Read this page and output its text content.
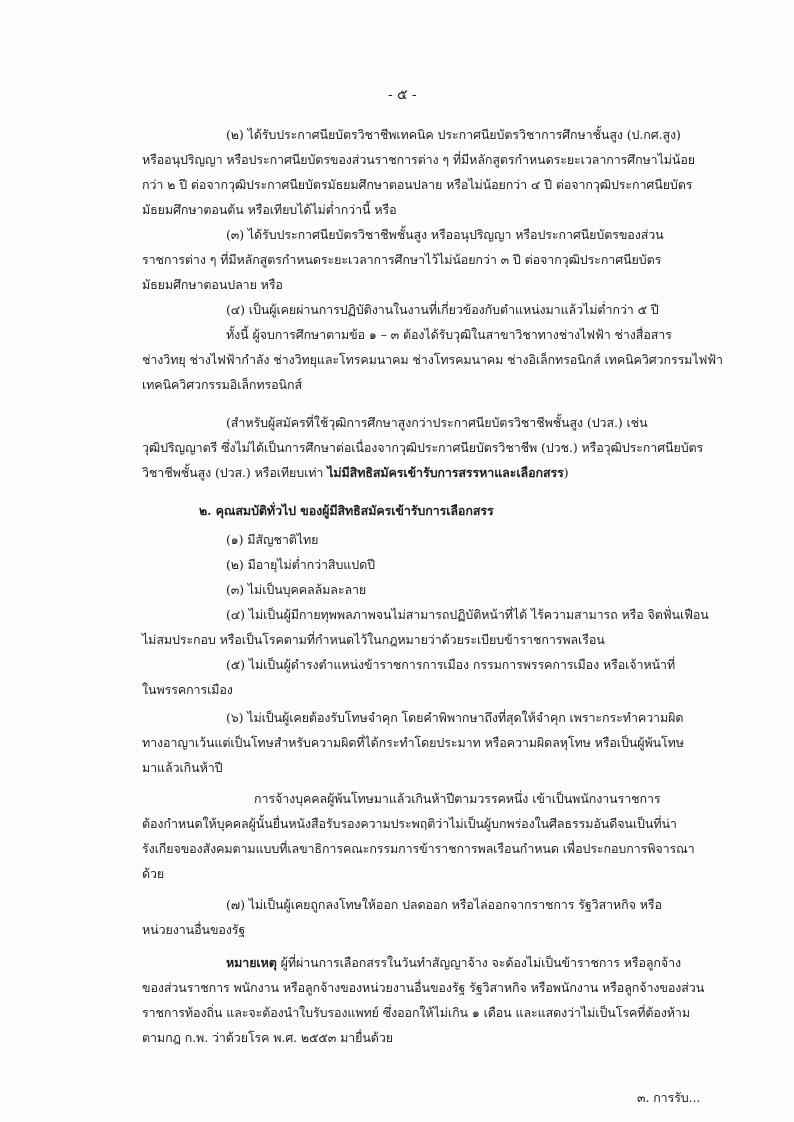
- ๕ -
(๒) ได้รับประกาศนียบัตรวิชาชีพเทคนิค ประกาศนียบัตรวิชาการศึกษาชั้นสูง (ป.กศ.สูง)
หรืออนุปริญญา หรือประกาศนียบัตรของส่วนราชการต่าง ๆ ที่มีหลักสูตรกำหนดระยะเวลาการศึกษาไม่น้อย
กว่า ๒ ปี ต่อจากวุฒิประกาศนียบัตรมัธยมศึกษาตอนปลาย หรือไม่น้อยกว่า ๔ ปี ต่อจากวุฒิประกาศนียบัตร
มัธยมศึกษาตอนต้น หรือเทียบได้ไม่ต่ำกว่านี้ หรือ
(๓) ได้รับประกาศนียบัตรวิชาชีพชั้นสูง หรืออนุปริญญา หรือประกาศนียบัตรของส่วน
ราชการต่าง ๆ ที่มีหลักสูตรกำหนดระยะเวลาการศึกษาไว้ไม่น้อยกว่า ๓ ปี ต่อจากวุฒิประกาศนียบัตร
มัธยมศึกษาตอนปลาย หรือ
(๔) เป็นผู้เคยผ่านการปฏิบัติงานในงานที่เกี่ยวข้องกับตำแหน่งมาแล้วไม่ต่ำกว่า ๕ ปี
ทั้งนี้ ผู้จบการศึกษาตามข้อ ๑ – ๓ ต้องได้รับวุฒิในสาขาวิชาทางช่างไฟฟ้า ช่างสื่อสาร
ช่างวิทยุ ช่างไฟฟ้ากำลัง ช่างวิทยุและโทรคมนาคม ช่างโทรคมนาคม ช่างอิเล็กทรอนิกส์ เทคนิควิศวกรรมไฟฟ้า
เทคนิควิศวกรรมอิเล็กทรอนิกส์
(สำหรับผู้สมัครที่ใช้วุฒิการศึกษาสูงกว่าประกาศนียบัตรวิชาชีพชั้นสูง (ปวส.) เช่น
วุฒิปริญญาตรี ซึ่งไม่ได้เป็นการศึกษาต่อเนื่องจากวุฒิประกาศนียบัตรวิชาชีพ (ปวช.) หรือวุฒิประกาศนียบัตร
วิชาชีพชั้นสูง (ปวส.) หรือเทียบเท่า ไม่มีสิทธิสมัครเข้ารับการสรรหาและเลือกสรร)
๒. คุณสมบัติทั่วไป ของผู้มีสิทธิสมัครเข้ารับการเลือกสรร
(๑) มีสัญชาติไทย
(๒) มีอายุไม่ต่ำกว่าสิบแปดปี
(๓) ไม่เป็นบุคคลล้มละลาย
(๔) ไม่เป็นผู้มีกายทุพพลภาพจนไม่สามารถปฏิบัติหน้าที่ได้ ไร้ความสามารถ หรือ จิตฟั่นเฟือน
ไม่สมประกอบ หรือเป็นโรคตามที่กำหนดไว้ในกฎหมายว่าด้วยระเบียบข้าราชการพลเรือน
(๕) ไม่เป็นผู้ดำรงตำแหน่งข้าราชการการเมือง กรรมการพรรคการเมือง หรือเจ้าหน้าที่
ในพรรคการเมือง
(๖) ไม่เป็นผู้เคยต้องรับโทษจำคุก โดยคำพิพากษาถึงที่สุดให้จำคุก เพราะกระทำความผิด
ทางอาญาเว้นแต่เป็นโทษสำหรับความผิดที่ได้กระทำโดยประมาท หรือความผิดลหุโทษ หรือเป็นผู้พ้นโทษ
มาแล้วเกินห้าปี
การจ้างบุคคลผู้พ้นโทษมาแล้วเกินห้าปีตามวรรคหนึ่ง เข้าเป็นพนักงานราชการ
ต้องกำหนดให้บุคคลผู้นั้นยื่นหนังสือรับรองความประพฤติว่าไม่เป็นผู้บกพร่องในศีลธรรมอันดีจนเป็นที่น่า
รังเกียจของสังคมตามแบบที่เลขาธิการคณะกรรมการข้าราชการพลเรือนกำหนด เพื่อประกอบการพิจารณา
ด้วย
(๗) ไม่เป็นผู้เคยถูกลงโทษให้ออก ปลดออก หรือไล่ออกจากราชการ รัฐวิสาหกิจ หรือ
หน่วยงานอื่นของรัฐ
หมายเหตุ ผู้ที่ผ่านการเลือกสรรในวันทำสัญญาจ้าง จะต้องไม่เป็นข้าราชการ หรือลูกจ้าง
ของส่วนราชการ พนักงาน หรือลูกจ้างของหน่วยงานอื่นของรัฐ รัฐวิสาหกิจ หรือพนักงาน หรือลูกจ้างของส่วน
ราชการท้องถิ่น และจะต้องนำใบรับรองแพทย์ ซึ่งออกให้ไม่เกิน ๑ เดือน และแสดงว่าไม่เป็นโรคที่ต้องห้าม
ตามกฎ ก.พ. ว่าด้วยโรค พ.ศ. ๒๕๕๓ มายื่นด้วย
๓. การรับ...
